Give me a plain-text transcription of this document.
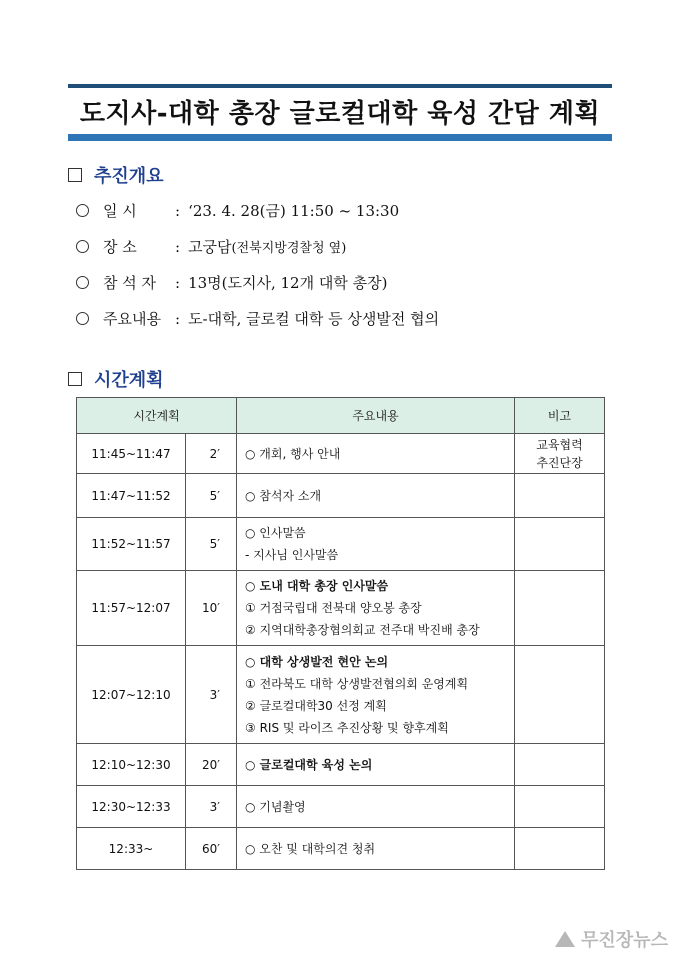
도지사-대학 총장 글로컬대학 육성 간담 계획
추진개요
일 시	: ‘23. 4. 28(금) 11:50 ~ 13:30
장 소	: 고궁담 (전북지방경찰청 옆)
참 석 자	: 13명(도지사, 12개 대학 총장)
주요내용 : 도-대학, 글로컬 대학 등 상생발전 협의
시간계획
시간계획		주요내용	비고
11:45~11:47	2′	○ 개회, 행사 안내	교육협력
추진단장
11:47~11:52	5′	○ 참석자 소개	

11:52~11:57	5′	○ 인사말씀
- 지사님 인사말씀	

11:57~12:07	10′	○ 도내 대학 총장 인사말씀
① 거점국립대 전북대 양오봉 총장
② 지역대학총장협의회교 전주대 박진배 총장	

12:07~12:10	3′	○ 대학 상생발전 현안 논의
① 전라북도 대학 상생발전협의회 운영계획
② 글로컬대학30 선정 계획
③ RIS 및 라이즈 추진상황 및 향후계획	

12:10~12:30	20′	○ 글로컬대학 육성 논의	

12:30~12:33	3′	○ 기념촬영	

12:33~	60′	○ 오찬 및 대학의견 청취	

무진장뉴스
